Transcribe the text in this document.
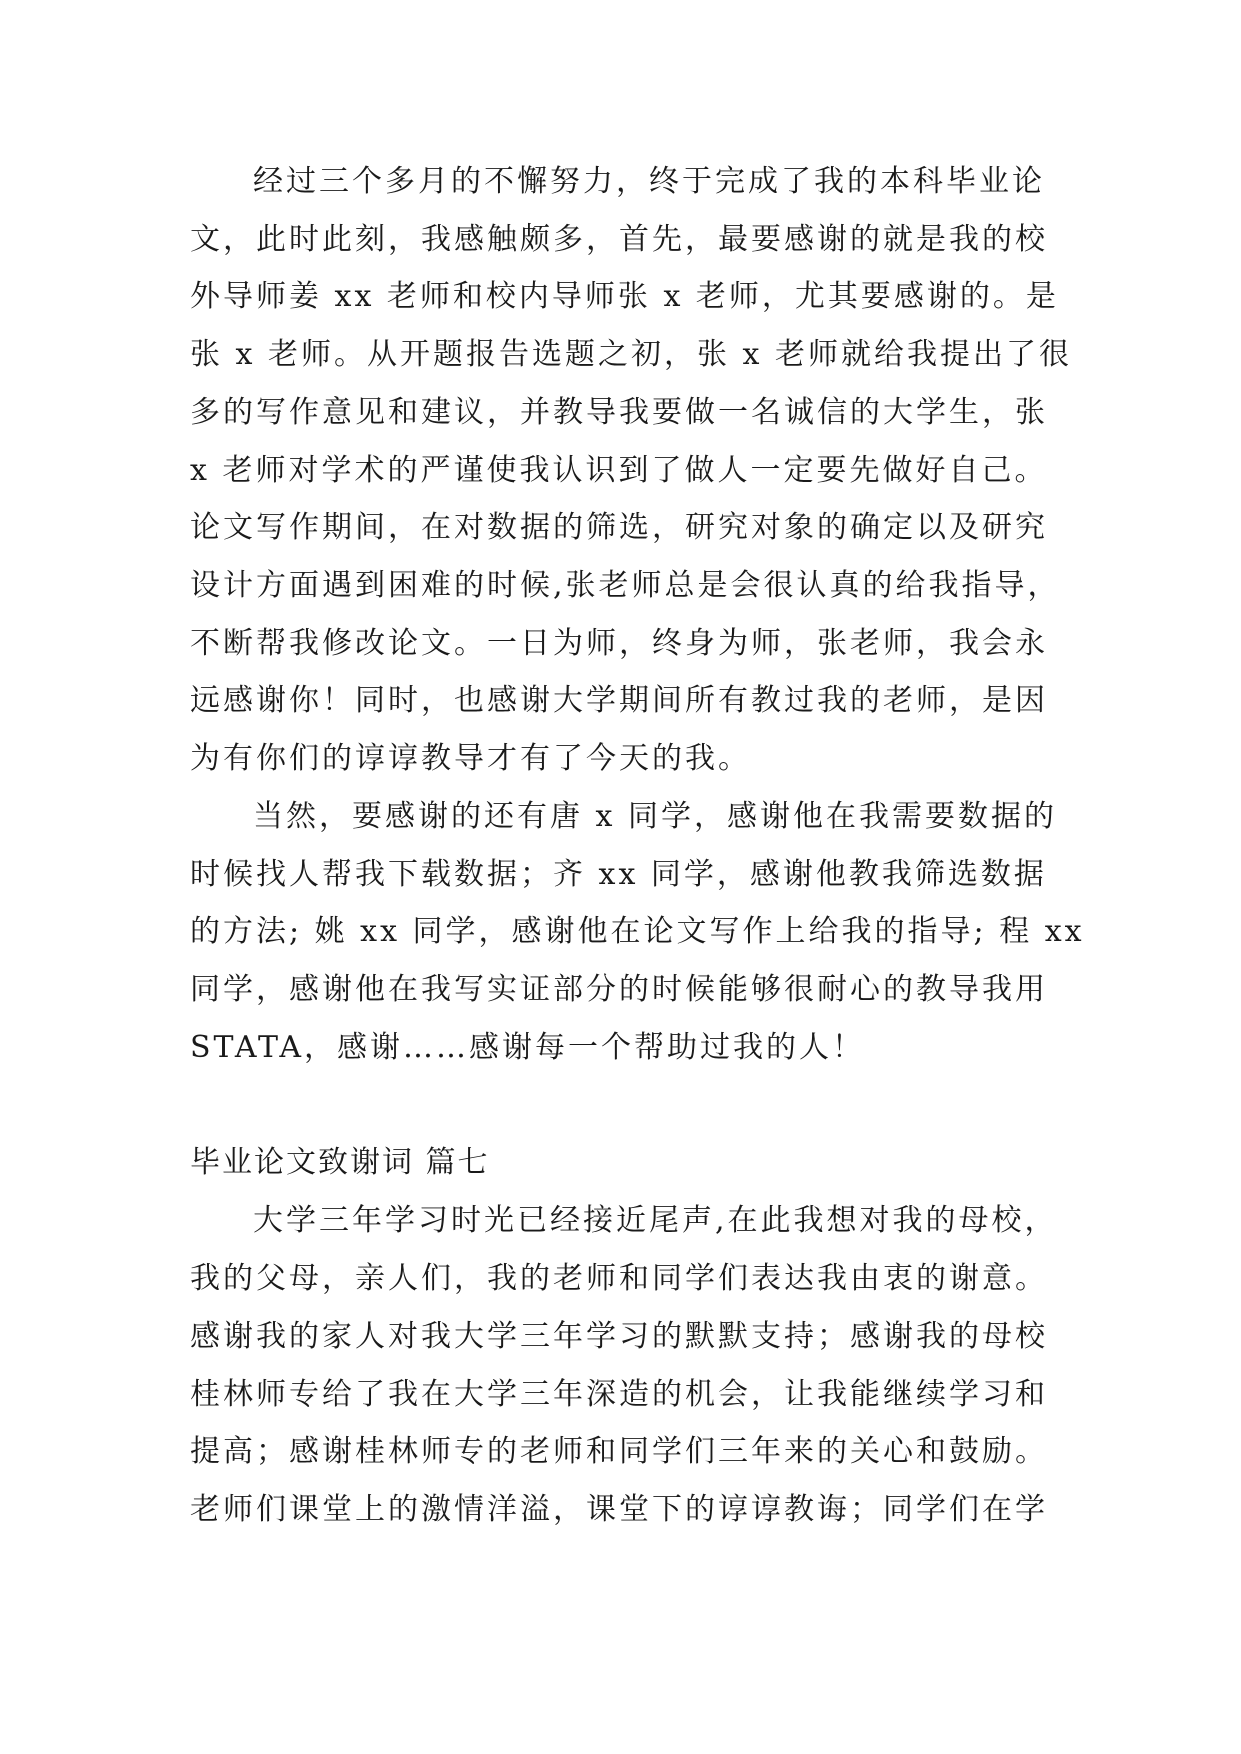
经过三个多月的不懈努力，终于完成了我的本科毕业论
文，此时此刻，我感触颇多，首先，最要感谢的就是我的校
外导师姜 xx 老师和校内导师张 x 老师，尤其要感谢的。是
张 x 老师。从开题报告选题之初，张 x 老师就给我提出了很
多的写作意见和建议，并教导我要做一名诚信的大学生，张
x 老师对学术的严谨使我认识到了做人一定要先做好自己。
论文写作期间，在对数据的筛选，研究对象的确定以及研究
设计方面遇到困难的时候,张老师总是会很认真的给我指导，
不断帮我修改论文。一日为师，终身为师，张老师，我会永
远感谢你！同时，也感谢大学期间所有教过我的老师，是因
为有你们的谆谆教导才有了今天的我。
当然，要感谢的还有唐 x 同学，感谢他在我需要数据的
时候找人帮我下载数据；齐 xx 同学，感谢他教我筛选数据
的方法; 姚 xx 同学，感谢他在论文写作上给我的指导; 程 xx
同学，感谢他在我写实证部分的时候能够很耐心的教导我用
STATA，感谢……感谢每一个帮助过我的人！
毕业论文致谢词 篇七
大学三年学习时光已经接近尾声,在此我想对我的母校，
我的父母，亲人们，我的老师和同学们表达我由衷的谢意。
感谢我的家人对我大学三年学习的默默支持；感谢我的母校
桂林师专给了我在大学三年深造的机会，让我能继续学习和
提高；感谢桂林师专的老师和同学们三年来的关心和鼓励。
老师们课堂上的激情洋溢，课堂下的谆谆教诲；同学们在学
